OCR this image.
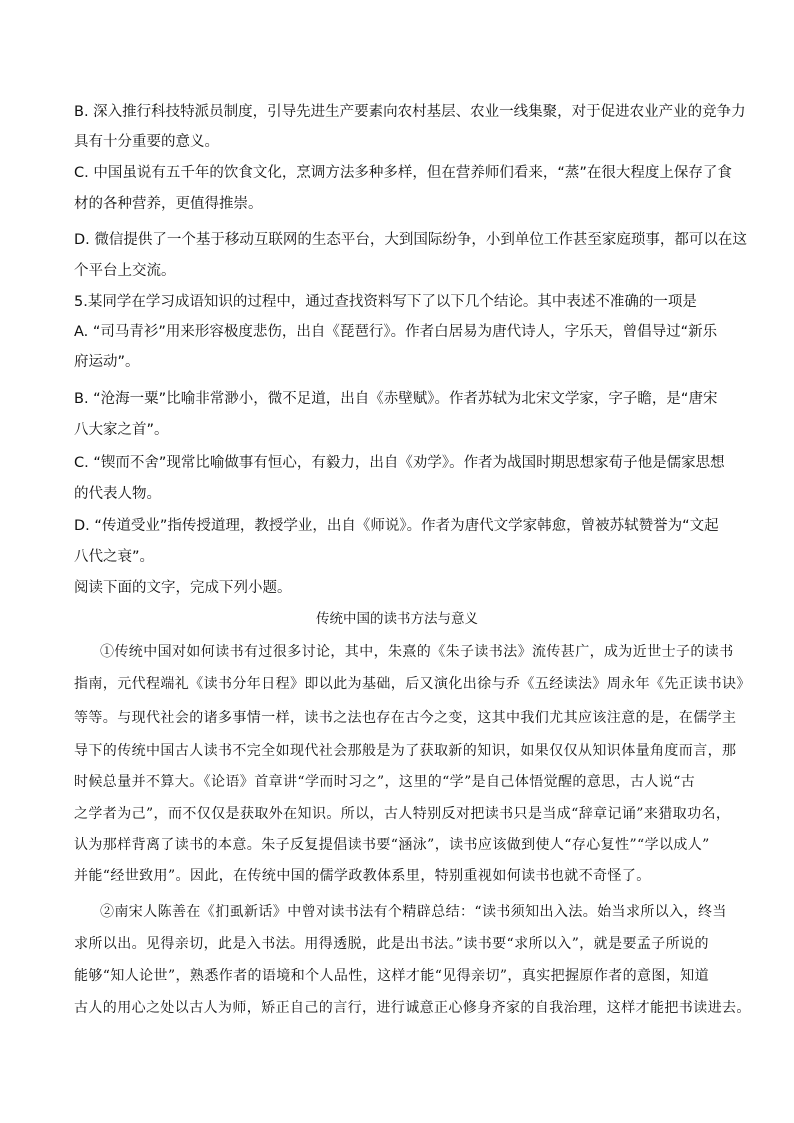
B. 深入推行科技特派员制度，引导先进生产要素向农村基层、农业一线集聚，对于促进农业产业的竞争力
具有十分重要的意义。
C. 中国虽说有五千年的饮食文化，烹调方法多种多样，但在营养师们看来，“蒸”在很大程度上保存了食
材的各种营养，更值得推崇。
D. 微信提供了一个基于移动互联网的生态平台，大到国际纷争，小到单位工作甚至家庭琐事，都可以在这
个平台上交流。
5.某同学在学习成语知识的过程中，通过查找资料写下了以下几个结论。其中表述不准确的一项是
A. “司马青衫”用来形容极度悲伤，出自《琵琶行》。作者白居易为唐代诗人，字乐天，曾倡导过“新乐
府运动”。
B. “沧海一粟”比喻非常渺小，微不足道，出自《赤壁赋》。作者苏轼为北宋文学家，字子瞻，是“唐宋
八大家之首”。
C. “锲而不舍”现常比喻做事有恒心，有毅力，出自《劝学》。作者为战国时期思想家荀子他是儒家思想
的代表人物。
D. “传道受业”指传授道理，教授学业，出自《师说》。作者为唐代文学家韩愈，曾被苏轼赞誉为“文起
八代之衰”。
阅读下面的文字，完成下列小题。
传统中国的读书方法与意义
①传统中国对如何读书有过很多讨论，其中，朱熹的《朱子读书法》流传甚广，成为近世士子的读书
指南，元代程端礼《读书分年日程》即以此为基础，后又演化出徐与乔《五经读法》周永年《先正读书诀》
等等。与现代社会的诸多事情一样，读书之法也存在古今之变，这其中我们尤其应该注意的是，在儒学主
导下的传统中国古人读书不完全如现代社会那般是为了获取新的知识，如果仅仅从知识体量角度而言，那
时候总量并不算大。《论语》首章讲“学而时习之”，这里的“学”是自己体悟觉醒的意思，古人说“古
之学者为己”，而不仅仅是获取外在知识。所以，古人特别反对把读书只是当成“辞章记诵”来猎取功名，
认为那样背离了读书的本意。朱子反复提倡读书要“涵泳”，读书应该做到使人“存心复性”“学以成人”
并能“经世致用”。因此，在传统中国的儒学政教体系里，特别重视如何读书也就不奇怪了。
②南宋人陈善在《扪虱新话》中曾对读书法有个精辟总结：“读书须知出入法。始当求所以入，终当
求所以出。见得亲切，此是入书法。用得透脱，此是出书法。”读书要“求所以入”，就是要孟子所说的
能够“知人论世”，熟悉作者的语境和个人品性，这样才能“见得亲切”，真实把握原作者的意图，知道
古人的用心之处以古人为师，矫正自己的言行，进行诚意正心修身齐家的自我治理，这样才能把书读进去。
